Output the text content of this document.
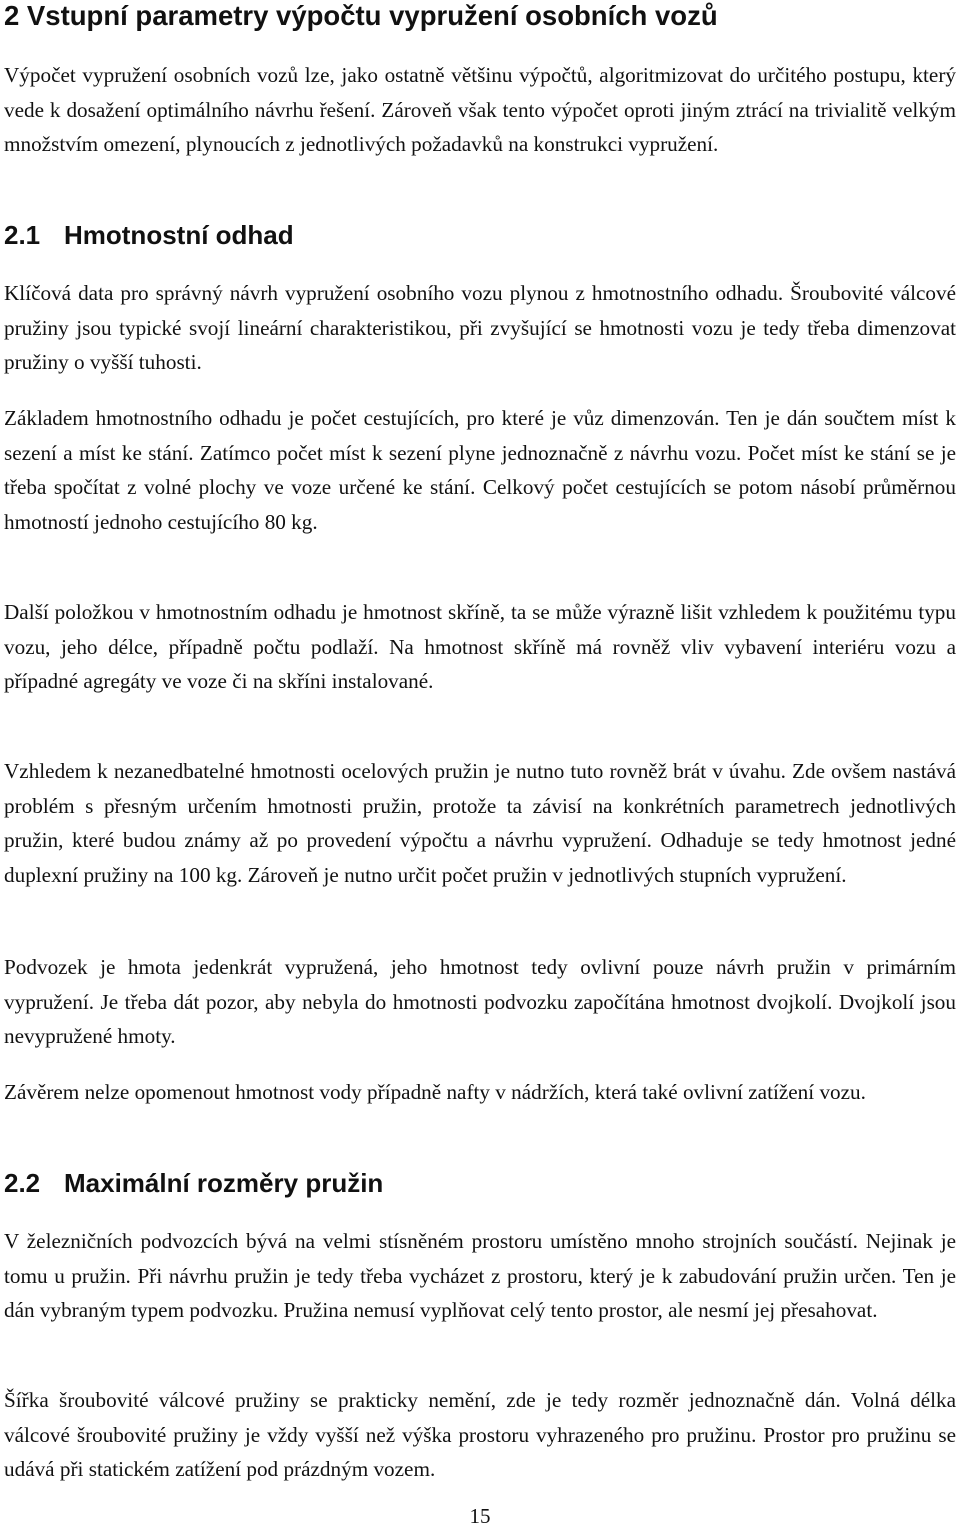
2 Vstupní parametry výpočtu vypružení osobních vozů

Výpočet vypružení osobních vozů lze, jako ostatně většinu výpočtů, algoritmizovat do určitého postupu, který vede k dosažení optimálního návrhu řešení. Zároveň však tento výpočet oproti jiným ztrácí na trivialitě velkým množstvím omezení, plynoucích z jednotlivých požadavků na konstrukci vypružení.

2.1 Hmotnostní odhad

Klíčová data pro správný návrh vypružení osobního vozu plynou z hmotnostního odhadu. Šroubovité válcové pružiny jsou typické svojí lineární charakteristikou, při zvyšující se hmotnosti vozu je tedy třeba dimenzovat pružiny o vyšší tuhosti.

Základem hmotnostního odhadu je počet cestujících, pro které je vůz dimenzován. Ten je dán součtem míst k sezení a míst ke stání. Zatímco počet míst k sezení plyne jednoznačně z návrhu vozu. Počet míst ke stání se je třeba spočítat z volné plochy ve voze určené ke stání. Celkový počet cestujících se potom násobí průměrnou hmotností jednoho cestujícího 80 kg.

Další položkou v hmotnostním odhadu je hmotnost skříně, ta se může výrazně lišit vzhledem k použitému typu vozu, jeho délce, případně počtu podlaží. Na hmotnost skříně má rovněž vliv vybavení interiéru vozu a případné agregáty ve voze či na skříni instalované.

Vzhledem k nezanedbatelné hmotnosti ocelových pružin je nutno tuto rovněž brát v úvahu. Zde ovšem nastává problém s přesným určením hmotnosti pružin, protože ta závisí na konkrétních parametrech jednotlivých pružin, které budou známy až po provedení výpočtu a návrhu vypružení. Odhaduje se tedy hmotnost jedné duplexní pružiny na 100 kg. Zároveň je nutno určit počet pružin v jednotlivých stupních vypružení.

Podvozek je hmota jedenkrát vypružená, jeho hmotnost tedy ovlivní pouze návrh pružin v primárním vypružení. Je třeba dát pozor, aby nebyla do hmotnosti podvozku započítána hmotnost dvojkolí. Dvojkolí jsou nevypružené hmoty.

Závěrem nelze opomenout hmotnost vody případně nafty v nádržích, která také ovlivní zatížení vozu.

2.2 Maximální rozměry pružin

V železničních podvozcích bývá na velmi stísněném prostoru umístěno mnoho strojních součástí. Nejinak je tomu u pružin. Při návrhu pružin je tedy třeba vycházet z prostoru, který je k zabudování pružin určen. Ten je dán vybraným typem podvozku. Pružina nemusí vyplňovat celý tento prostor, ale nesmí jej přesahovat.

Šířka šroubovité válcové pružiny se prakticky nemění, zde je tedy rozměr jednoznačně dán. Volná délka válcové šroubovité pružiny je vždy vyšší než výška prostoru vyhrazeného pro pružinu. Prostor pro pružinu se udává při statickém zatížení pod prázdným vozem.

15
